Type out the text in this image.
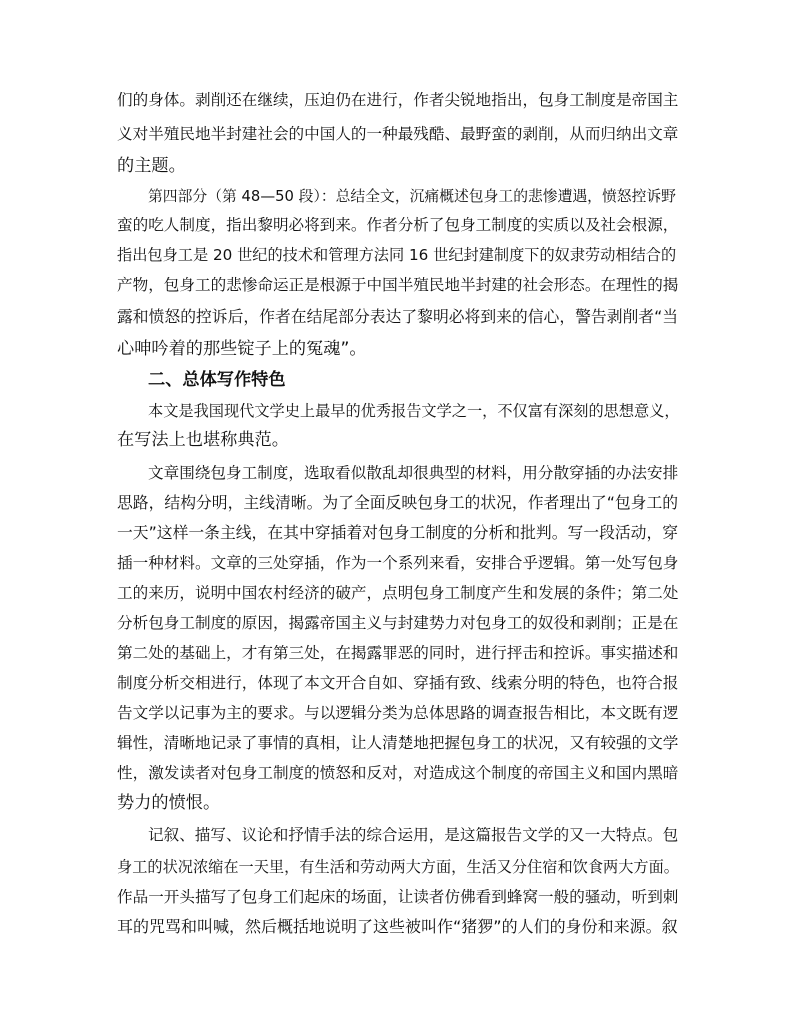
们的身体。剥削还在继续，压迫仍在进行，作者尖锐地指出，包身工制度是帝国主
义对半殖民地半封建社会的中国人的一种最残酷、最野蛮的剥削，从而归纳出文章
的主题。
第四部分（第 48—50 段）：总结全文，沉痛概述包身工的悲惨遭遇，愤怒控诉野
蛮的吃人制度，指出黎明必将到来。作者分析了包身工制度的实质以及社会根源，
指出包身工是 20 世纪的技术和管理方法同 16 世纪封建制度下的奴隶劳动相结合的
产物，包身工的悲惨命运正是根源于中国半殖民地半封建的社会形态。在理性的揭
露和愤怒的控诉后，作者在结尾部分表达了黎明必将到来的信心，警告剥削者“当
心呻吟着的那些锭子上的冤魂”。
二、总体写作特色
本文是我国现代文学史上最早的优秀报告文学之一，不仅富有深刻的思想意义，
在写法上也堪称典范。
文章围绕包身工制度，选取看似散乱却很典型的材料，用分散穿插的办法安排
思路，结构分明，主线清晰。为了全面反映包身工的状况，作者理出了“包身工的
一天”这样一条主线，在其中穿插着对包身工制度的分析和批判。写一段活动，穿
插一种材料。文章的三处穿插，作为一个系列来看，安排合乎逻辑。第一处写包身
工的来历，说明中国农村经济的破产，点明包身工制度产生和发展的条件；第二处
分析包身工制度的原因，揭露帝国主义与封建势力对包身工的奴役和剥削；正是在
第二处的基础上，才有第三处，在揭露罪恶的同时，进行抨击和控诉。事实描述和
制度分析交相进行，体现了本文开合自如、穿插有致、线索分明的特色，也符合报
告文学以记事为主的要求。与以逻辑分类为总体思路的调查报告相比，本文既有逻
辑性，清晰地记录了事情的真相，让人清楚地把握包身工的状况，又有较强的文学
性，激发读者对包身工制度的愤怒和反对，对造成这个制度的帝国主义和国内黑暗
势力的愤恨。
记叙、描写、议论和抒情手法的综合运用，是这篇报告文学的又一大特点。包
身工的状况浓缩在一天里，有生活和劳动两大方面，生活又分住宿和饮食两大方面。
作品一开头描写了包身工们起床的场面，让读者仿佛看到蜂窝一般的骚动，听到刺
耳的咒骂和叫喊，然后概括地说明了这些被叫作“猪猡”的人们的身份和来源。叙
